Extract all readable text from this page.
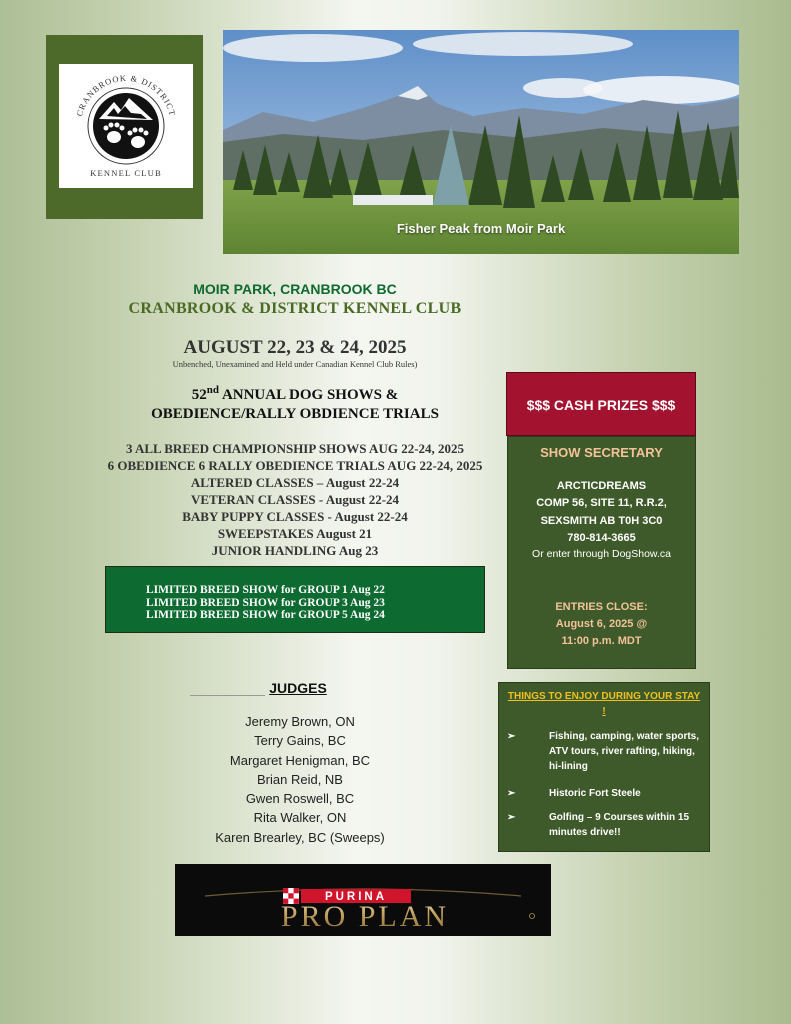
CRANBROOK & DISTRICT
KENNEL CLUB
Fisher Peak from Moir Park
MOIR PARK, CRANBROOK BC
CRANBROOK & DISTRICT KENNEL CLUB
AUGUST 22, 23 & 24, 2025
Unbenched, Unexamined and Held under Canadian Kennel Club Rules)
52nd ANNUAL DOG SHOWS &
OBEDIENCE/RALLY OBDIENCE TRIALS
3 ALL BREED CHAMPIONSHIP SHOWS AUG 22-24, 2025
6 OBEDIENCE 6 RALLY OBEDIENCE TRIALS AUG 22-24, 2025
ALTERED CLASSES – August 22-24
VETERAN CLASSES - August 22-24
BABY PUPPY CLASSES - August 22-24
SWEEPSTAKES August 21
JUNIOR HANDLING Aug 23
LIMITED BREED SHOW for GROUP 1 Aug 22
LIMITED BREED SHOW for GROUP 3 Aug 23
LIMITED BREED SHOW for GROUP 5 Aug 24
JUDGES
Jeremy Brown, ON
Terry Gains, BC
Margaret Henigman, BC
Brian Reid, NB
Gwen Roswell, BC
Rita Walker, ON
Karen Brearley, BC (Sweeps)
PURINA
PRO PLAN
$$$ CASH PRIZES $$$
SHOW SECRETARY
ARCTICDREAMS
COMP 56, SITE 11, R.R.2,
SEXSMITH AB T0H 3C0
780-814-3665
Or enter through DogShow.ca
ENTRIES CLOSE:
August 6, 2025 @
11:00 p.m. MDT
THINGS TO ENJOY DURING YOUR STAY !
➢	Fishing, camping, water sports, ATV tours, river rafting, hiking, hi-lining
➢	Historic Fort Steele
➢	Golfing – 9 Courses within 15 minutes drive!!
